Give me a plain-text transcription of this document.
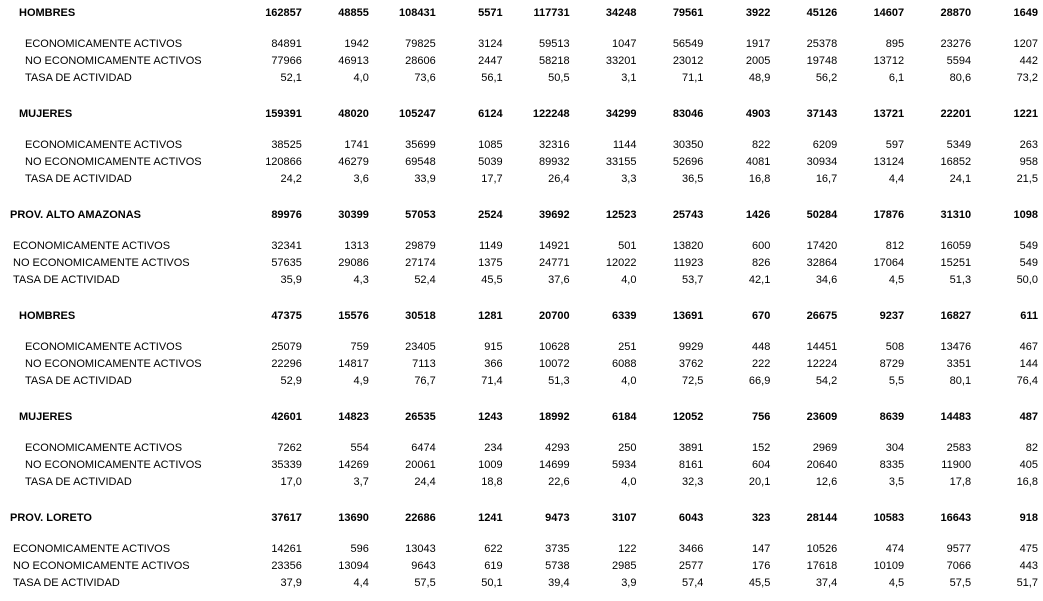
HOMBRES	162857	48855	108431	5571	117731	34248	79561	3922	45126	14607	28870	1649
ECONOMICAMENTE ACTIVOS	84891	1942	79825	3124	59513	1047	56549	1917	25378	895	23276	1207
NO ECONOMICAMENTE ACTIVOS	77966	46913	28606	2447	58218	33201	23012	2005	19748	13712	5594	442
TASA DE ACTIVIDAD	52,1	4,0	73,6	56,1	50,5	3,1	71,1	48,9	56,2	6,1	80,6	73,2
MUJERES	159391	48020	105247	6124	122248	34299	83046	4903	37143	13721	22201	1221
ECONOMICAMENTE ACTIVOS	38525	1741	35699	1085	32316	1144	30350	822	6209	597	5349	263
NO ECONOMICAMENTE ACTIVOS	120866	46279	69548	5039	89932	33155	52696	4081	30934	13124	16852	958
TASA DE ACTIVIDAD	24,2	3,6	33,9	17,7	26,4	3,3	36,5	16,8	16,7	4,4	24,1	21,5
PROV. ALTO AMAZONAS	89976	30399	57053	2524	39692	12523	25743	1426	50284	17876	31310	1098
ECONOMICAMENTE ACTIVOS	32341	1313	29879	1149	14921	501	13820	600	17420	812	16059	549
NO ECONOMICAMENTE ACTIVOS	57635	29086	27174	1375	24771	12022	11923	826	32864	17064	15251	549
TASA DE ACTIVIDAD	35,9	4,3	52,4	45,5	37,6	4,0	53,7	42,1	34,6	4,5	51,3	50,0
HOMBRES	47375	15576	30518	1281	20700	6339	13691	670	26675	9237	16827	611
ECONOMICAMENTE ACTIVOS	25079	759	23405	915	10628	251	9929	448	14451	508	13476	467
NO ECONOMICAMENTE ACTIVOS	22296	14817	7113	366	10072	6088	3762	222	12224	8729	3351	144
TASA DE ACTIVIDAD	52,9	4,9	76,7	71,4	51,3	4,0	72,5	66,9	54,2	5,5	80,1	76,4
MUJERES	42601	14823	26535	1243	18992	6184	12052	756	23609	8639	14483	487
ECONOMICAMENTE ACTIVOS	7262	554	6474	234	4293	250	3891	152	2969	304	2583	82
NO ECONOMICAMENTE ACTIVOS	35339	14269	20061	1009	14699	5934	8161	604	20640	8335	11900	405
TASA DE ACTIVIDAD	17,0	3,7	24,4	18,8	22,6	4,0	32,3	20,1	12,6	3,5	17,8	16,8
PROV. LORETO	37617	13690	22686	1241	9473	3107	6043	323	28144	10583	16643	918
ECONOMICAMENTE ACTIVOS	14261	596	13043	622	3735	122	3466	147	10526	474	9577	475
NO ECONOMICAMENTE ACTIVOS	23356	13094	9643	619	5738	2985	2577	176	17618	10109	7066	443
TASA DE ACTIVIDAD	37,9	4,4	57,5	50,1	39,4	3,9	57,4	45,5	37,4	4,5	57,5	51,7
